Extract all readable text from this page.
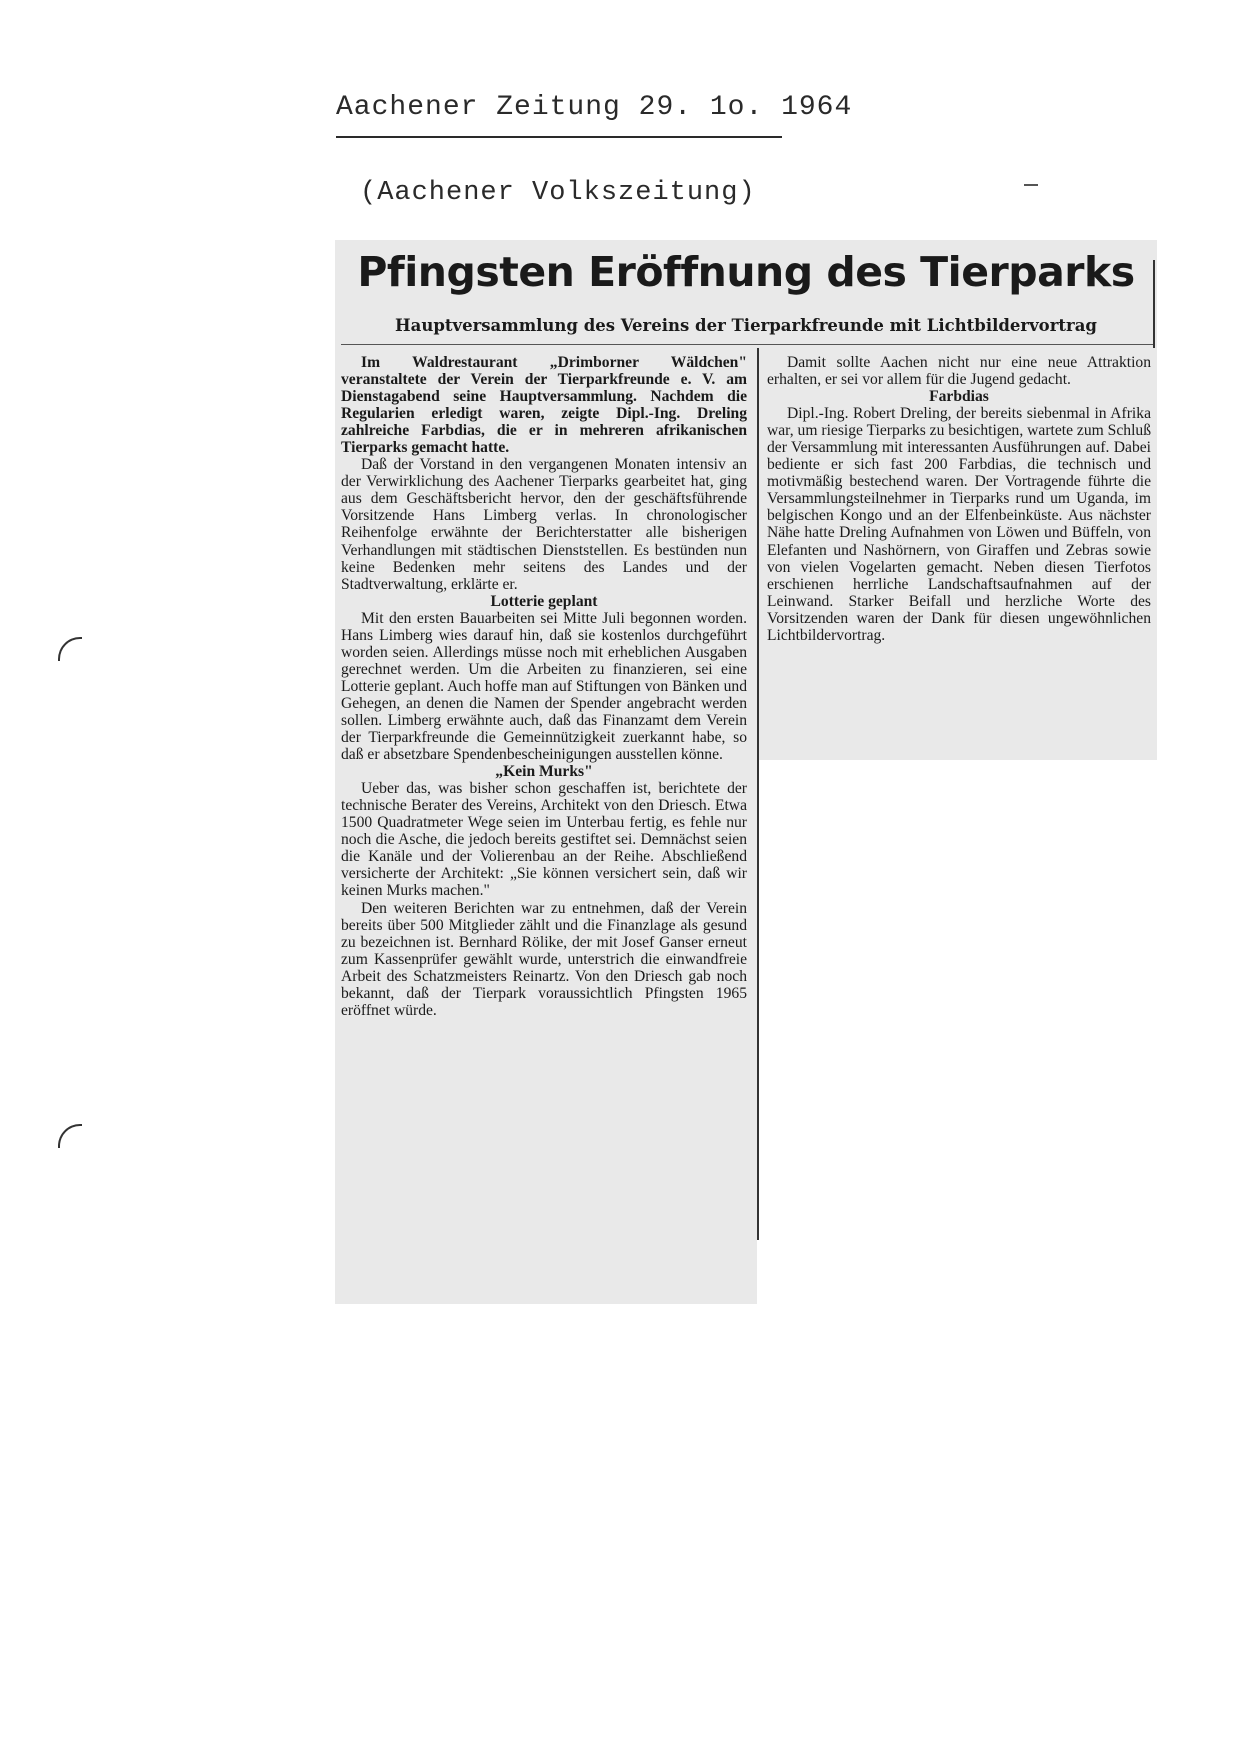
Aachener Zeitung 29. 1o. 1964
(Aachener Volkszeitung)
Pfingsten Eröffnung des Tierparks
Hauptversammlung des Vereins der Tierparkfreunde mit Lichtbildervortrag

Im Waldrestaurant „Drimborner Wäldchen" veranstaltete der Verein der Tierparkfreunde e. V. am Dienstagabend seine Hauptversammlung. Nachdem die Regularien erledigt waren, zeigte Dipl.-Ing. Dreling zahlreiche Farbdias, die er in mehreren afrikanischen Tierparks gemacht hatte.

Daß der Vorstand in den vergangenen Monaten intensiv an der Verwirklichung des Aachener Tierparks gearbeitet hat, ging aus dem Geschäftsbericht hervor, den der geschäftsführende Vorsitzende Hans Limberg verlas. In chronologischer Reihenfolge erwähnte der Berichterstatter alle bisherigen Verhandlungen mit städtischen Dienststellen. Es bestünden nun keine Bedenken mehr seitens des Landes und der Stadtverwaltung, erklärte er.

Lotterie geplant

Mit den ersten Bauarbeiten sei Mitte Juli begonnen worden. Hans Limberg wies darauf hin, daß sie kostenlos durchgeführt worden seien. Allerdings müsse noch mit erheblichen Ausgaben gerechnet werden. Um die Arbeiten zu finanzieren, sei eine Lotterie geplant. Auch hoffe man auf Stiftungen von Bänken und Gehegen, an denen die Namen der Spender angebracht werden sollen. Limberg erwähnte auch, daß das Finanzamt dem Verein der Tierparkfreunde die Gemeinnützigkeit zuerkannt habe, so daß er absetzbare Spendenbescheinigungen ausstellen könne.

„Kein Murks"

Ueber das, was bisher schon geschaffen ist, berichtete der technische Berater des Vereins, Architekt von den Driesch. Etwa 1500 Quadratmeter Wege seien im Unterbau fertig, es fehle nur noch die Asche, die jedoch bereits gestiftet sei. Demnächst seien die Kanäle und der Volierenbau an der Reihe. Abschließend versicherte der Architekt: „Sie können versichert sein, daß wir keinen Murks machen."

Den weiteren Berichten war zu entnehmen, daß der Verein bereits über 500 Mitglieder zählt und die Finanzlage als gesund zu bezeichnen ist. Bernhard Rölike, der mit Josef Ganser erneut zum Kassenprüfer gewählt wurde, unterstrich die einwandfreie Arbeit des Schatzmeisters Reinartz. Von den Driesch gab noch bekannt, daß der Tierpark voraussichtlich Pfingsten 1965 eröffnet würde.

Damit sollte Aachen nicht nur eine neue Attraktion erhalten, er sei vor allem für die Jugend gedacht.

Farbdias

Dipl.-Ing. Robert Dreling, der bereits siebenmal in Afrika war, um riesige Tierparks zu besichtigen, wartete zum Schluß der Versammlung mit interessanten Ausführungen auf. Dabei bediente er sich fast 200 Farbdias, die technisch und motivmäßig bestechend waren. Der Vortragende führte die Versammlungsteilnehmer in Tierparks rund um Uganda, im belgischen Kongo und an der Elfenbeinküste. Aus nächster Nähe hatte Dreling Aufnahmen von Löwen und Büffeln, von Elefanten und Nashörnern, von Giraffen und Zebras sowie von vielen Vogelarten gemacht. Neben diesen Tierfotos erschienen herrliche Landschaftsaufnahmen auf der Leinwand. Starker Beifall und herzliche Worte des Vorsitzenden waren der Dank für diesen ungewöhnlichen Lichtbildervortrag.
